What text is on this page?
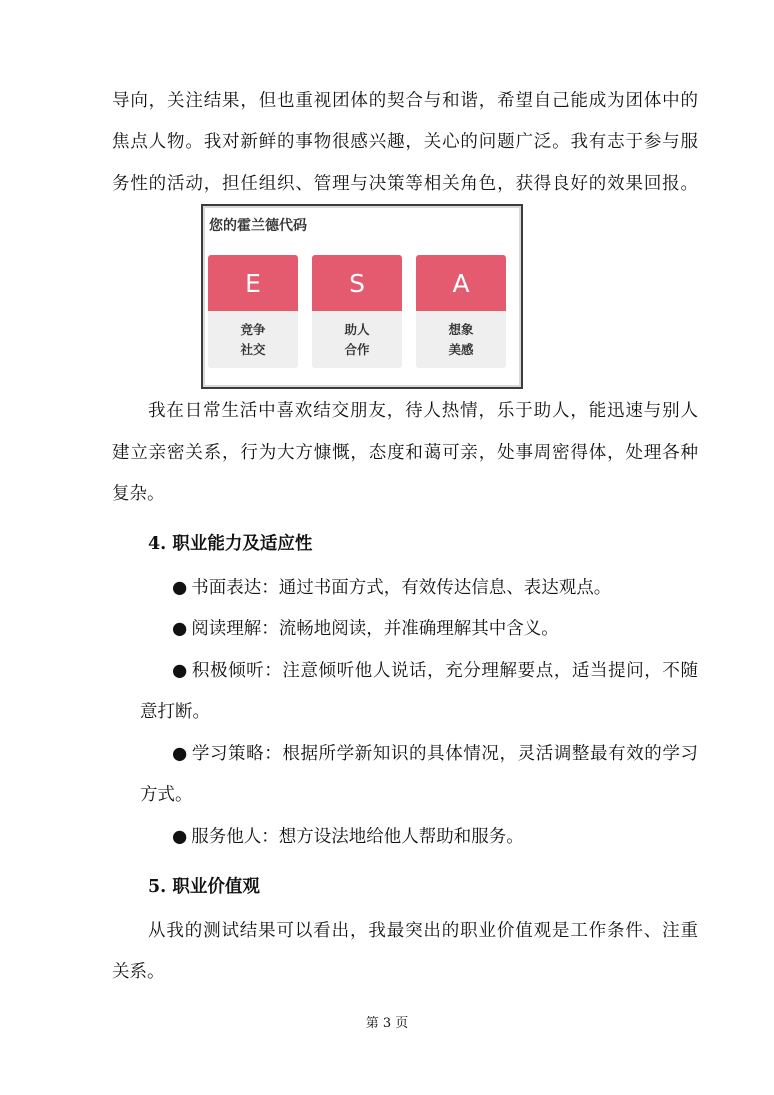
导向，关注结果，但也重视团体的契合与和谐，希望自己能成为团体中的
焦点人物。我对新鲜的事物很感兴趣，关心的问题广泛。我有志于参与服
务性的活动，担任组织、管理与决策等相关角色，获得良好的效果回报。
您的霍兰德代码
E
竞争
社交
S
助人
合作
A
想象
美感
我在日常生活中喜欢结交朋友，待人热情，乐于助人，能迅速与别人
建立亲密关系，行为大方慷慨，态度和蔼可亲，处事周密得体，处理各种
复杂。
4. 职业能力及适应性
● 书面表达：通过书面方式，有效传达信息、表达观点。
● 阅读理解：流畅地阅读，并准确理解其中含义。
● 积极倾听：注意倾听他人说话，充分理解要点，适当提问，不随
意打断。
● 学习策略：根据所学新知识的具体情况，灵活调整最有效的学习
方式。
● 服务他人：想方设法地给他人帮助和服务。
5. 职业价值观
从我的测试结果可以看出，我最突出的职业价值观是工作条件、注重
关系。
第 3 页
